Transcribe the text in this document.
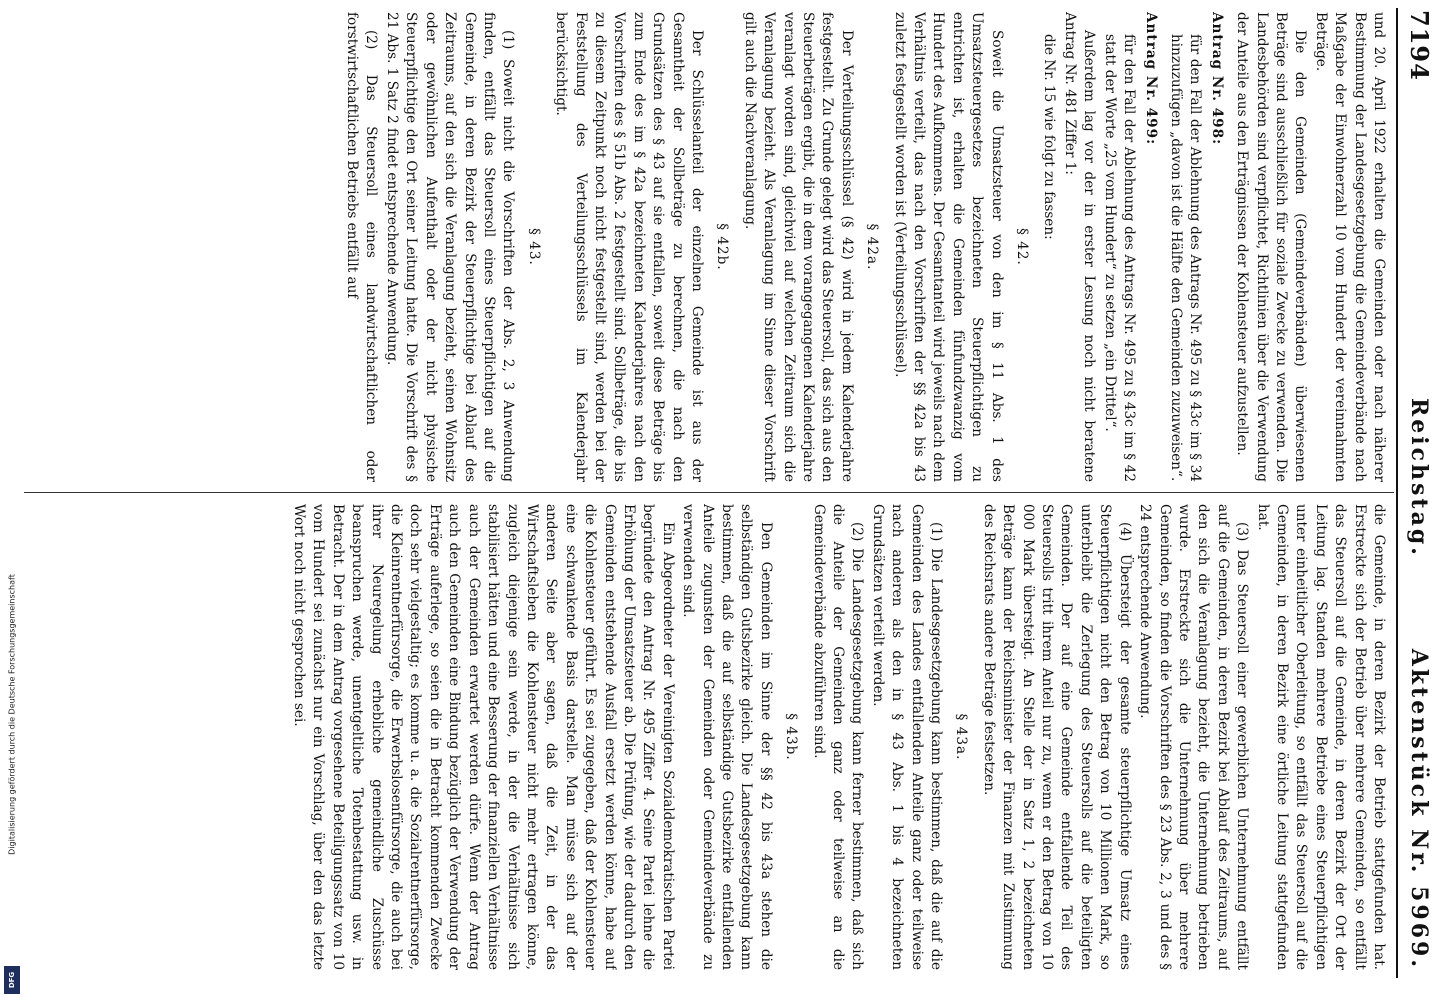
Digitalisierung gefördert durch die Deutsche Forschungsgemeinschaft
DFG
7194
Reichstag.
Aktenstück Nr. 5969.

und 20. April 1922 erhalten die Gemeinden oder nach näherer Bestimmung der Landesgesetzgebung die Gemeindeverbände nach Maßgabe der Einwohnerzahl 10 vom Hundert der vereinnahmten Beträge.

Die den Gemeinden (Gemeindeverbänden) überwiesenen Beträge sind ausschließlich für soziale Zwecke zu verwenden. Die Landesbehörden sind verpflichtet, Richtlinien über die Verwendung der Anteile aus den Erträgnissen der Kohlensteuer aufzustellen.

Antrag Nr. 498:

für den Fall der Ablehnung des Antrags Nr. 495 zu § 43c im § 34 hinzuzufügen „davon ist die Hälfte den Gemeinden zuzuweisen“.

Antrag Nr. 499:

für den Fall der Ablehnung des Antrags Nr. 495 zu § 43c im § 42 statt der Worte „25 vom Hundert“ zu setzen „ein Drittel“.

Außerdem lag vor der in erster Lesung noch nicht beratene Antrag Nr. 481 Ziffer 1:

die Nr. 15 wie folgt zu fassen:

§ 42.

Soweit die Umsatzsteuer von den im § 11 Abs. 1 des Umsatzsteuergesetzes bezeichneten Steuerpflichtigen zu entrichten ist, erhalten die Gemeinden fünfundzwanzig vom Hundert des Aufkommens. Der Gesamtanteil wird jeweils nach dem Verhältnis verteilt, das nach den Vorschriften der §§ 42a bis 43 zuletzt festgestellt worden ist (Verteilungsschlüssel).

§ 42a.

Der Verteilungsschlüssel (§ 42) wird in jedem Kalenderjahre festgestellt. Zu Grunde gelegt wird das Steuersoll, das sich aus den Steuerbeträgen ergibt, die in dem vorangegangenen Kalenderjahre veranlagt worden sind, gleichviel auf welchen Zeitraum sich die Veranlagung bezieht. Als Veranlagung im Sinne dieser Vorschrift gilt auch die Nachveranlagung.

§ 42b.

Der Schlüsselanteil der einzelnen Gemeinde ist aus der Gesamtheit der Sollbeträge zu berechnen, die nach den Grundsätzen des § 43 auf sie entfallen, soweit diese Beträge bis zum Ende des im § 42a bezeichneten Kalenderjahres nach den Vorschriften des § 51b Abs. 2 festgestellt sind. Sollbeträge, die bis zu diesem Zeitpunkt noch nicht festgestellt sind, werden bei der Feststellung des Verteilungsschlüssels im Kalenderjahr berücksichtigt.

§ 43.

(1) Soweit nicht die Vorschriften der Abs. 2, 3 Anwendung finden, entfällt das Steuersoll eines Steuerpflichtigen auf die Gemeinde, in deren Bezirk der Steuerpflichtige bei Ablauf des Zeitraums, auf den sich die Veranlagung bezieht, seinen Wohnsitz oder gewöhnlichen Aufenthalt oder der nicht physische Steuerpflichtige den Ort seiner Leitung hatte. Die Vorschrift des § 21 Abs. 1 Satz 2 findet entsprechende Anwendung.

(2) Das Steuersoll eines landwirtschaftlichen oder forstwirtschaftlichen Betriebs entfällt auf

die Gemeinde, in deren Bezirk der Betrieb stattgefunden hat. Erstreckte sich der Betrieb über mehrere Gemeinden, so entfällt das Steuersoll auf die Gemeinde, in deren Bezirk der Ort der Leitung lag. Standen mehrere Betriebe eines Steuerpflichtigen unter einheitlicher Oberleitung, so entfällt das Steuersoll auf die Gemeinden, in deren Bezirk eine örtliche Leitung stattgefunden hat.

(3) Das Steuersoll einer gewerblichen Unternehmung entfällt auf die Gemeinden, in deren Bezirk bei Ablauf des Zeitraums, auf den sich die Veranlagung bezieht, die Unternehmung betrieben wurde. Erstreckte sich die Unternehmung über mehrere Gemeinden, so finden die Vorschriften des § 23 Abs. 2, 3 und des § 24 entsprechende Anwendung.

(4) Übersteigt der gesamte steuerpflichtige Umsatz eines Steuerpflichtigen nicht den Betrag von 10 Millionen Mark, so unterbleibt die Zerlegung des Steuersolls auf die beteiligten Gemeinden. Der auf eine Gemeinde entfallende Teil des Steuersolls tritt ihrem Anteil nur zu, wenn er den Betrag von 10 000 Mark übersteigt. An Stelle der in Satz 1, 2 bezeichneten Beträge kann der Reichsminister der Finanzen mit Zustimmung des Reichsrats andere Beträge festsetzen.

§ 43a.

(1) Die Landesgesetzgebung kann bestimmen, daß die auf die Gemeinden des Landes entfallenden Anteile ganz oder teilweise nach anderen als den in § 43 Abs. 1 bis 4 bezeichneten Grundsätzen verteilt werden.

(2) Die Landesgesetzgebung kann ferner bestimmen, daß sich die Anteile der Gemeinden ganz oder teilweise an die Gemeindeverbände abzuführen sind.

§ 43b.

Den Gemeinden im Sinne der §§ 42 bis 43a stehen die selbständigen Gutsbezirke gleich. Die Landesgesetzgebung kann bestimmen, daß die auf selbständige Gutsbezirke entfallenden Anteile zugunsten der Gemeinden oder Gemeindeverbände zu verwenden sind.

Ein Abgeordneter der Vereinigten Sozialdemokratischen Partei begründete den Antrag Nr. 495 Ziffer 4. Seine Partei lehne die Erhöhung der Umsatzsteuer ab. Die Prüfung, wie der dadurch den Gemeinden entstehende Ausfall ersetzt werden könne, habe auf die Kohlensteuer geführt. Es sei zugegeben, daß der Kohlensteuer eine schwankende Basis darstelle. Man müsse sich auf der anderen Seite aber sagen, daß die Zeit, in der das Wirtschaftsleben die Kohlensteuer nicht mehr ertragen könne, zugleich diejenige sein werde, in der die Verhältnisse sich stabilisiert hätten und eine Besserung der finanziellen Verhältnisse auch der Gemeinden erwartet werden dürfe. Wenn der Antrag auch den Gemeinden eine Bindung bezüglich der Verwendung der Erträge auferlege, so seien die in Betracht kommenden Zwecke doch sehr vielgestaltig; es komme u. a. die Sozialrentnerfürsorge, die Kleinrentnerfürsorge, die Erwerbslosenfürsorge, die auch bei ihrer Neuregelung erhebliche gemeindliche Zuschüsse beanspruchen werde, unentgeltliche Totenbestattung usw. in Betracht. Der in dem Antrag vorgesehene Beteiligungssatz von 10 vom Hundert sei zunächst nur ein Vorschlag, über den das letzte Wort noch nicht gesprochen sei.
